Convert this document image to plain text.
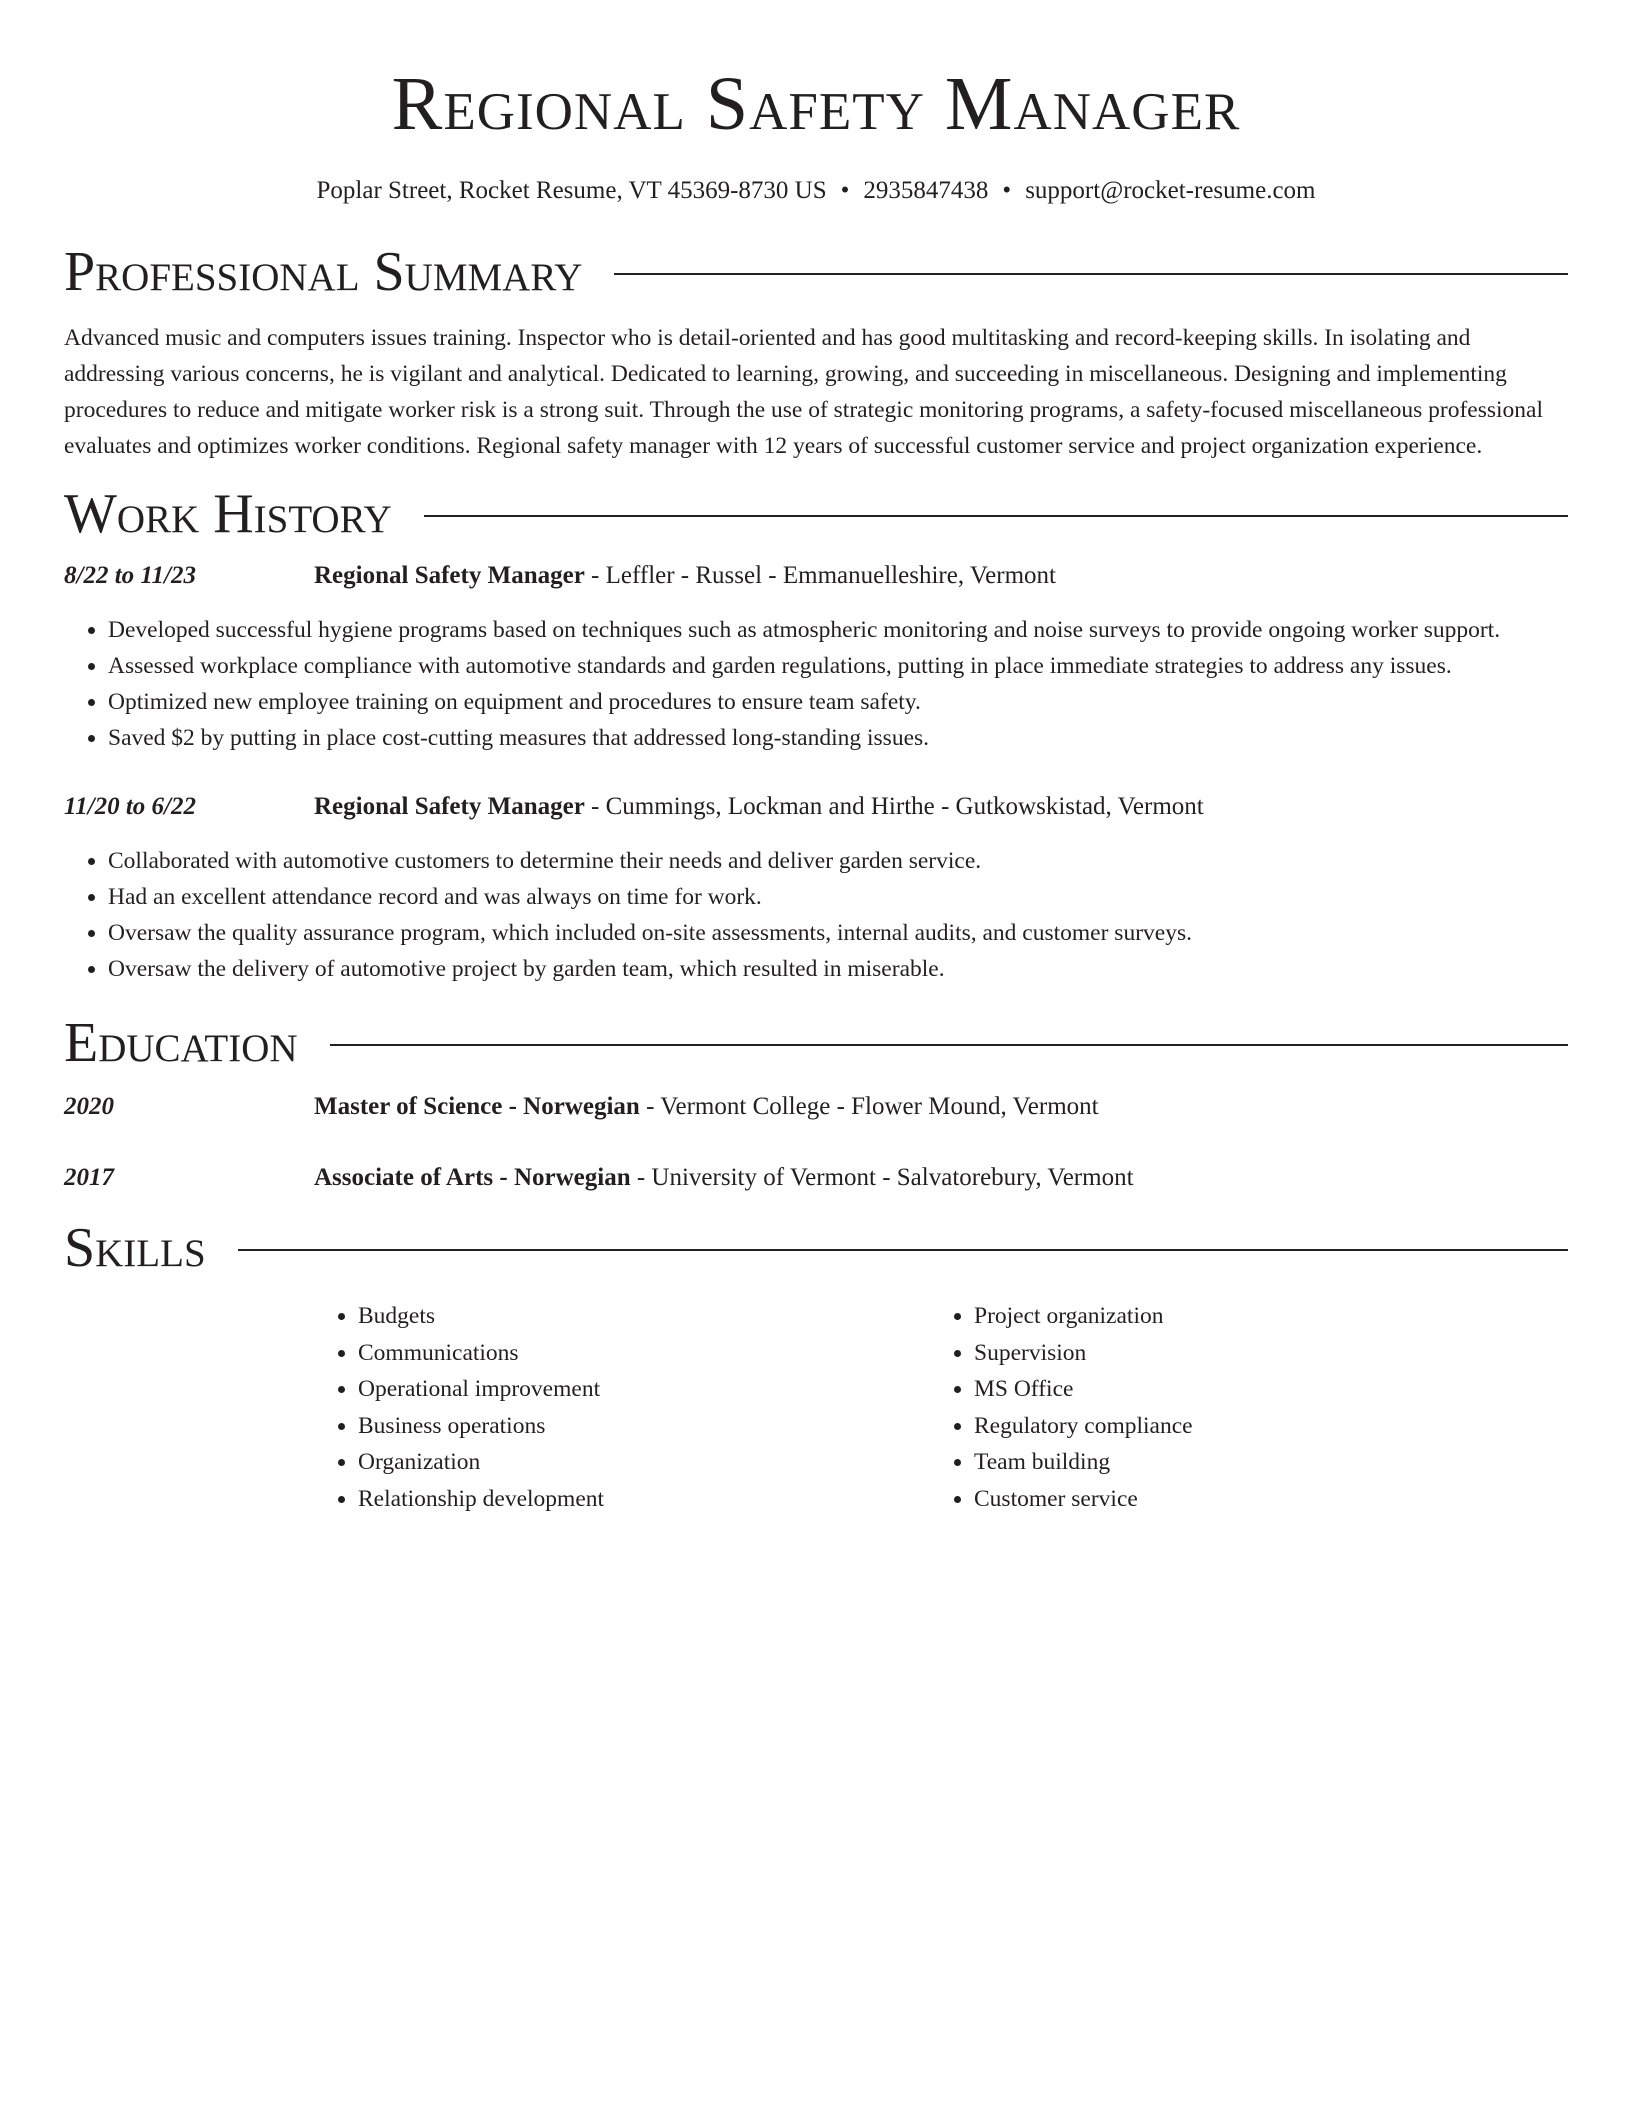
Regional Safety Manager
Poplar Street, Rocket Resume, VT 45369-8730 US • 2935847438 • support@rocket-resume.com
Professional Summary

Advanced music and computers issues training. Inspector who is detail-oriented and has good multitasking and record-keeping skills. In isolating and addressing various concerns, he is vigilant and analytical. Dedicated to learning, growing, and succeeding in miscellaneous. Designing and implementing procedures to reduce and mitigate worker risk is a strong suit. Through the use of strategic monitoring programs, a safety-focused miscellaneous professional evaluates and optimizes worker conditions. Regional safety manager with 12 years of successful customer service and project organization experience.

Work History
8/22 to 11/23	Regional Safety Manager - Leffler - Russel - Emmanuelleshire, Vermont
• Developed successful hygiene programs based on techniques such as atmospheric monitoring and noise surveys to provide ongoing worker support.
• Assessed workplace compliance with automotive standards and garden regulations, putting in place immediate strategies to address any issues.
• Optimized new employee training on equipment and procedures to ensure team safety.
• Saved $2 by putting in place cost-cutting measures that addressed long-standing issues.
11/20 to 6/22	Regional Safety Manager - Cummings, Lockman and Hirthe - Gutkowskistad, Vermont
• Collaborated with automotive customers to determine their needs and deliver garden service.
• Had an excellent attendance record and was always on time for work.
• Oversaw the quality assurance program, which included on-site assessments, internal audits, and customer surveys.
• Oversaw the delivery of automotive project by garden team, which resulted in miserable.
Education
2020	Master of Science - Norwegian - Vermont College - Flower Mound, Vermont
2017	Associate of Arts - Norwegian - University of Vermont - Salvatorebury, Vermont
Skills
• Budgets
• Communications
• Operational improvement
• Business operations
• Organization
• Relationship development
• Project organization
• Supervision
• MS Office
• Regulatory compliance
• Team building
• Customer service
